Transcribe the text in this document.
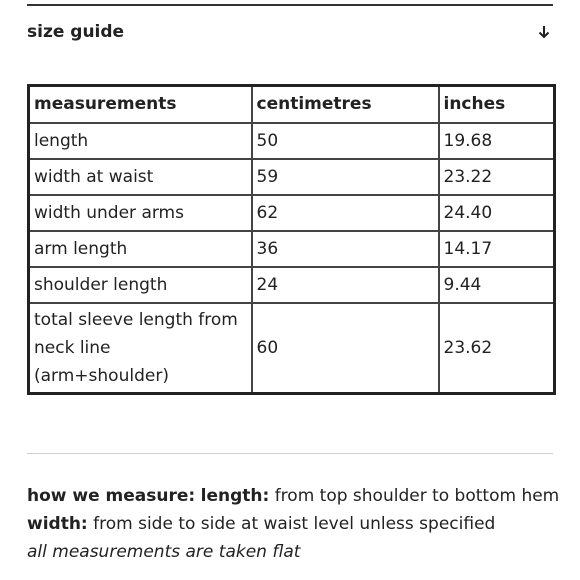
size guide
measurements	centimetres	inches
length	50	19.68
width at waist	59	23.22
width under arms	62	24.40
arm length	36	14.17
shoulder length	24	9.44
total sleeve length from neck line (arm+shoulder)	60	23.62
how we measure: length: from top shoulder to bottom hem width: from side to side at waist level unless specified
all measurements are taken flat
